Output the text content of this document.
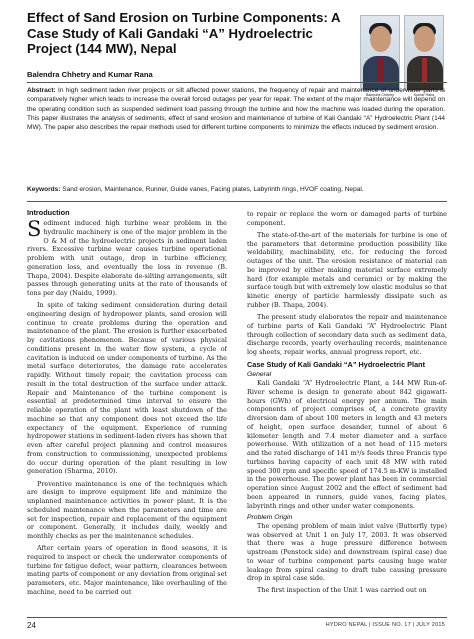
Effect of Sand Erosion on Turbine Components: A Case Study of Kali Gandaki “A” Hydroelectric Project (144 MW), Nepal
Balendra Chhetry and Kumar Rana
Balendra Chhetry	Kumar Rana

Abstract: In high sediment laden river projects or silt affected power stations, the frequency of repair and maintenance of underwater parts is comparatively higher which leads to increase the overall forced outages per year for repair. The extent of the major maintenance will depend on the operating condition such as suspended sediment load passing through the turbine and how the machine was loaded during the operation. This paper illustrates the analysis of sediments, effect of sand erosion and maintenance of turbine of Kali Gandaki “A” Hydroelectric Plant (144 MW). The paper also describes the repair methods used for different turbine components to minimize the effects induced by sediment erosion.

Keywords: Sand erosion, Maintenance, Runner, Guide vanes, Facing plates, Labyrinth rings, HVOF coating, Nepal.

Introduction

Sediment induced high turbine wear problem in the hydraulic machinery is one of the major problem in the O & M of the hydroelectric projects in sediment laden rivers. Excessive turbine wear causes turbine operational problem with unit outage, drop in turbine efficiency, generation loss, and eventually the loss in revenue (B. Thapa, 2004). Despite elaborate de-silting arrangements, silt passes through generating units at the rate of thousands of tons per day (Naidu, 1999).

In spite of taking sediment consideration during detail engineering design of hydropower plants, sand erosion will continue to create problems during the operation and maintenance of the plant. The erosion is further exacerbated by cavitations phenomenon. Because of various physical conditions present in the water flow system, a cycle of cavitation is induced on under components of turbine. As the metal surface deteriorates, the damage rate accelerates rapidly. Without timely repair, the cavitation process can result in the total destruction of the surface under attack. Repair and Maintenance of the turbine component is essential at predetermined time interval to ensure the reliable operation of the plant with least shutdown of the machine so that any component does not exceed the life expectancy of the equipment. Experience of running hydropower stations in sediment-laden rivers has shown that even after careful project planning and control measures from construction to commissioning, unexpected problems do occur during operation of the plant resulting in low generation (Sharma, 2010).

Preventive maintenance is one of the techniques which are design to improve equipment life and minimize the unplanned maintenance activities in power plant. It is the scheduled maintenance when the parameters and time are set for inspection, repair and replacement of the equipment or component. Generally, it includes daily, weekly and monthly checks as per the maintenance schedules.

After certain years of operation in flood seasons, it is required to inspect or check the underwater components of turbine for fatigue defect, wear pattern, clearances between mating parts of component or any deviation from original set parameters, etc. Major maintenance, like overhauling of the machine, need to be carried out

to repair or replace the worn or damaged parts of turbine component.

The state-of-the-art of the materials for turbine is one of the parameters that determine production possibility like weldability, machinability, etc. for reducing the forced outages of the unit. The erosion resistance of material can be improved by either making material surface extremely hard (for example metals and ceramic) or by making the surface tough but with extremely low elastic modulus so that kinetic energy of particle harmlessly dissipate such as rubber (B. Thapa, 2004).

The present study elaborates the repair and maintenance of turbine parts of Kali Gandaki “A” Hydroelectric Plant through collection of secondary data such as sediment data, discharge records, yearly overhauling records, maintenance log sheets, repair works, annual progress report, etc.

Case Study of Kali Gandaki “A” Hydroelectric Plant
General

Kali Gandaki “A” Hydroelectric Plant, a 144 MW Run-of-River scheme is design to generate about 842 gigawatt-hours (GWh) of electrical energy per annum. The main components of project comprises of, a concrete gravity diversion dam of about 100 meters in length and 43 meters of height, open surface desander, tunnel of about 6 kilometer length and 7.4 meter diameter and a surface powerhouse. With utilization of a net head of 115 meters and the rated discharge of 141 m³/s feeds three Francis type turbines having capacity of each unit 48 MW with rated speed 300 rpm and specific speed of 174.5 m-KW is installed in the powerhouse. The power plant has been in commercial operation since August 2002 and the effect of sediment had been appeared in runners, guide vanes, facing plates, labyrinth rings and other under water components.

Problem Origin

The opening problem of main inlet valve (Butterfly type) was observed at Unit 1 on July 17, 2003. It was observed that there was a huge pressure difference between upstream (Penstock side) and downstream (spiral case) due to wear of turbine component parts causing huge water leakage from spiral casing to draft tube causing pressure drop in spiral case side.

The first inspection of the Unit 1 was carried out on

24	HYDRO NEPAL | ISSUE NO. 17 | JULY 2015
